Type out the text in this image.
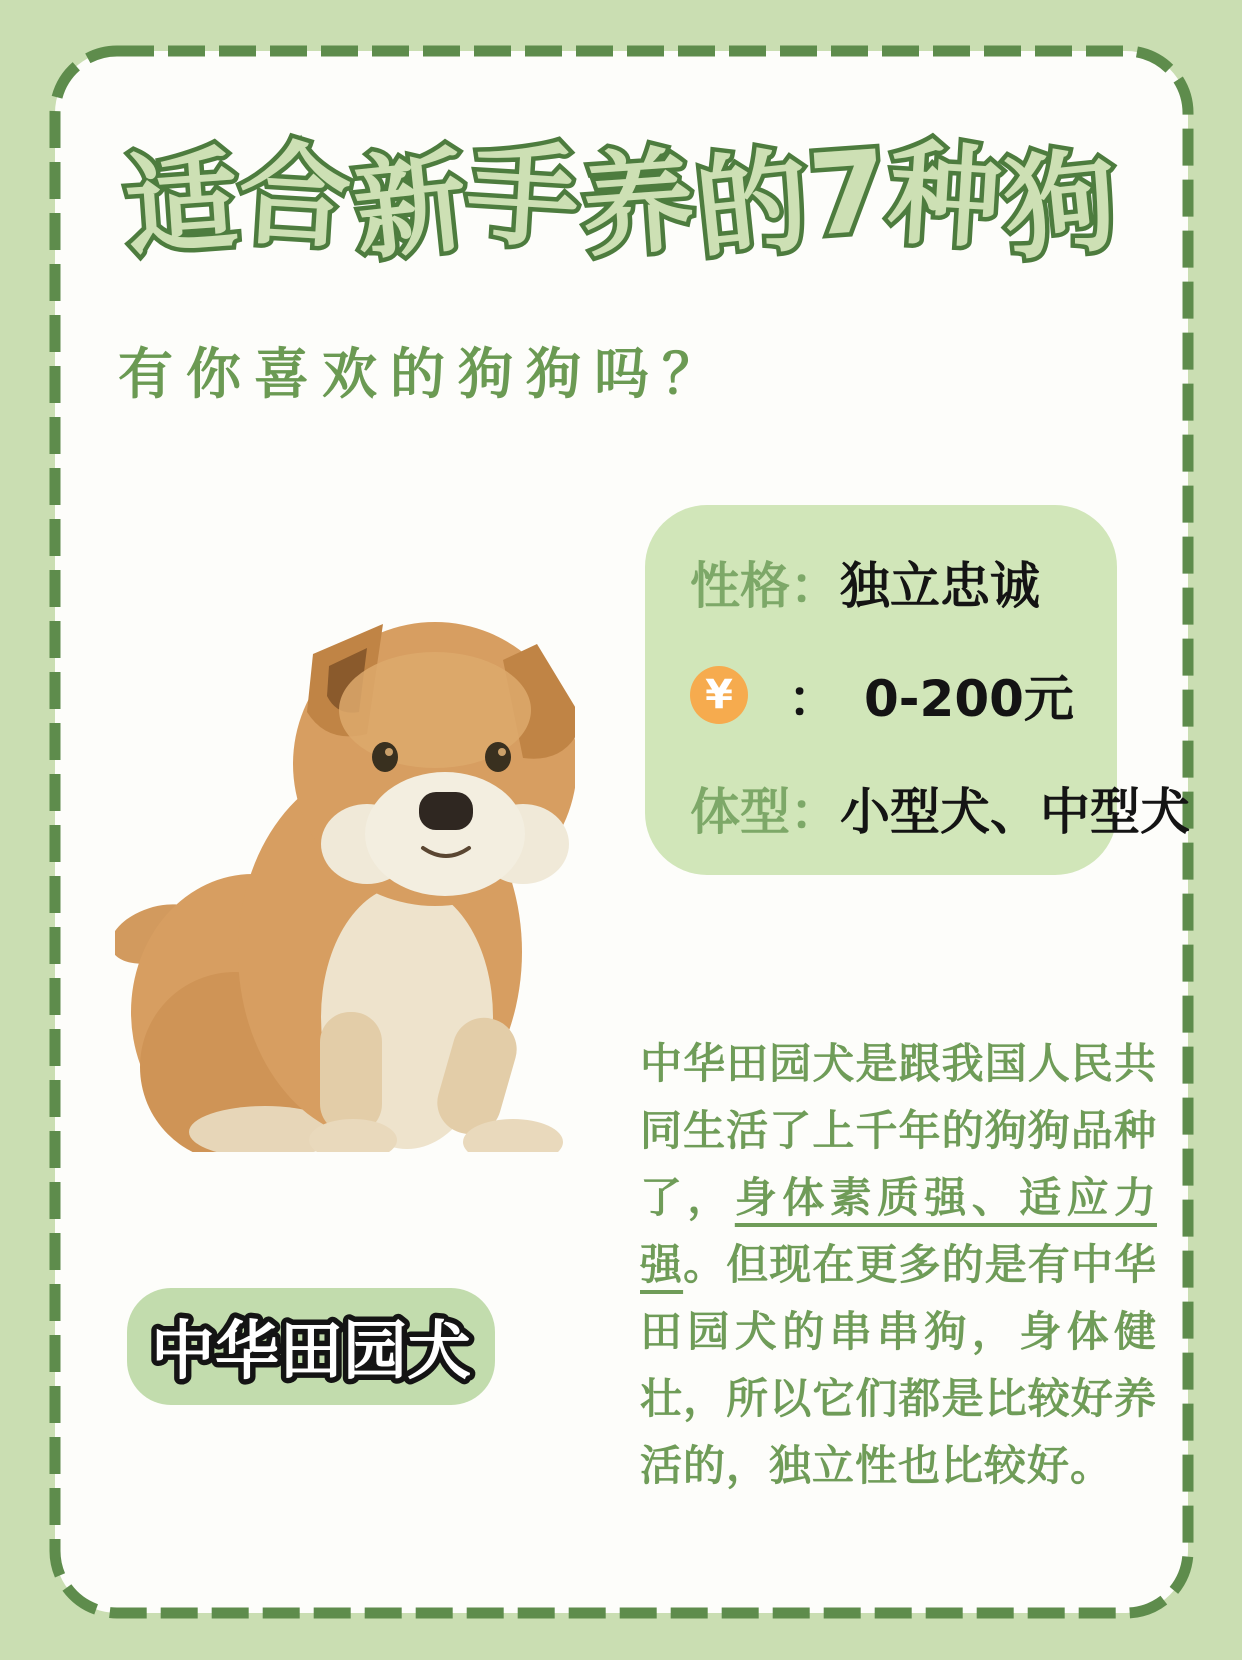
适
合
新
手
养
的
7
种
狗
有你喜欢的狗狗吗？
性格： 独立忠诚
¥ ： 0-200元
体型： 小型犬、中型犬
中华田园犬

中华田园犬是跟我国人民共同生活了上千年的狗狗品种了，身体素质强、适应力强。但现在更多的是有中华田园犬的串串狗，身体健壮，所以它们都是比较好养活的，独立性也比较好。
